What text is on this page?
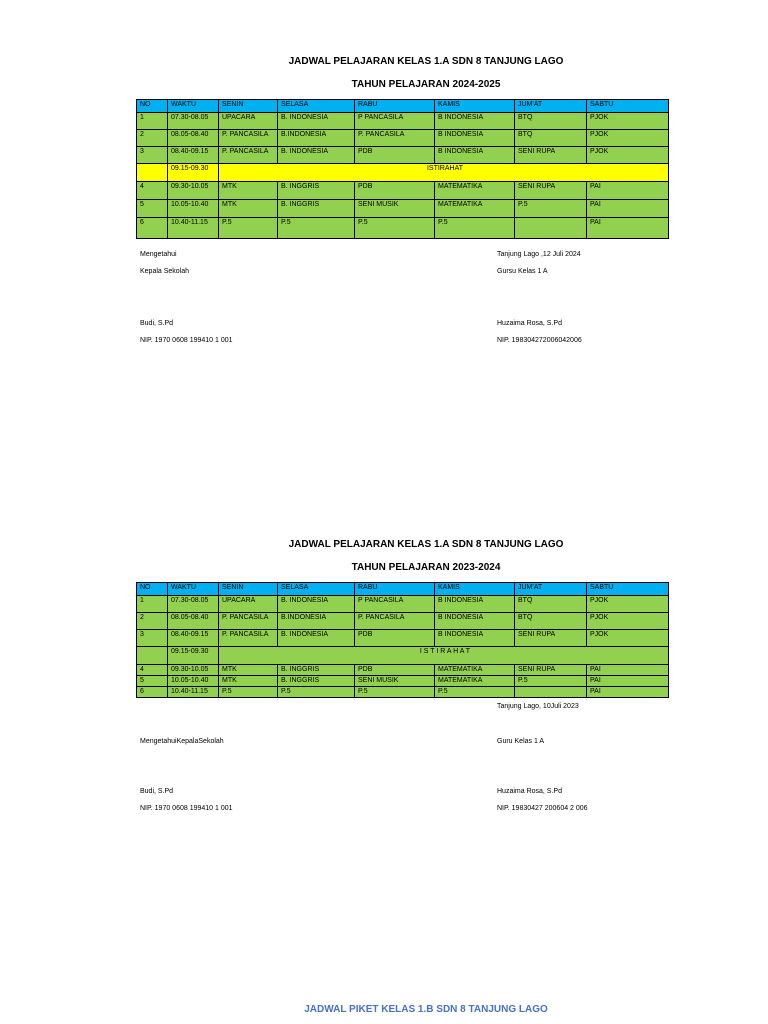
JADWAL PELAJARAN KELAS 1.A SDN 8 TANJUNG LAGO
TAHUN PELAJARAN 2024-2025
NO	WAKTU	SENIN	SELASA	RABU	KAMIS	JUM'AT	SABTU
1	07.30-08.05	UPACARA	B. INDONESIA	P PANCASILA	B INDONESIA	BTQ	PJOK
2	08.05-08.40	P. PANCASILA	B.INDONESIA	P. PANCASILA	B INDONESIA	BTQ	PJOK
3	08.40-09.15	P. PANCASILA	B. INDONESIA	PDB	B INDONESIA	SENI RUPA	PJOK
	09.15-09.30	ISTIRAHAT					
4	09.30-10.05	MTK	B. INGGRIS	PDB	MATEMATIKA	SENI RUPA	PAI
5	10.05-10.40	MTK	B. INGGRIS	SENI MUSIK	MATEMATIKA	P.5	PAI
6	10.40-11.15	P.5	P.5	P.5	P.5		PAI
Mengetahui
Kepala Sekolah
Budi, S.Pd
NIP. 1970 0608 199410 1 001
Tanjung Lago ,12 Juli 2024
Gursu Kelas 1 A
Huzaima Rosa, S.Pd
NIP. 198304272006042006
JADWAL PELAJARAN KELAS 1.A SDN 8 TANJUNG LAGO
TAHUN PELAJARAN 2023-2024
NO	WAKTU	SENIN	SELASA	RABU	KAMIS	JUM'AT	SABTU
1	07.30-08.05	UPACARA	B. INDONESIA	P PANCASILA	B INDONESIA	BTQ	PJOK
2	08.05-08.40	P. PANCASILA	B.INDONESIA	P. PANCASILA	B INDONESIA	BTQ	PJOK
3	08.40-09.15	P. PANCASILA	B. INDONESIA	PDB	B INDONESIA	SENI RUPA	PJOK
	09.15-09.30	I S T I R A H A T					
4	09.30-10.05	MTK	B. INGGRIS	PDB	MATEMATIKA	SENI RUPA	PAI
5	10.05-10.40	MTK	B. INGGRIS	SENI MUSIK	MATEMATIKA	P.5	PAI
6	10.40-11.15	P.5	P.5	P.5	P.5		PAI
Tanjung Lago, 10Juli 2023
MengetahuiKepalaSekolah
Budi, S.Pd
NIP. 1970 0608 199410 1 001
Guru Kelas 1 A
Huzaima Rosa, S.Pd
NIP. 19830427 200604 2 006
JADWAL PIKET KELAS 1.B SDN 8 TANJUNG LAGO
